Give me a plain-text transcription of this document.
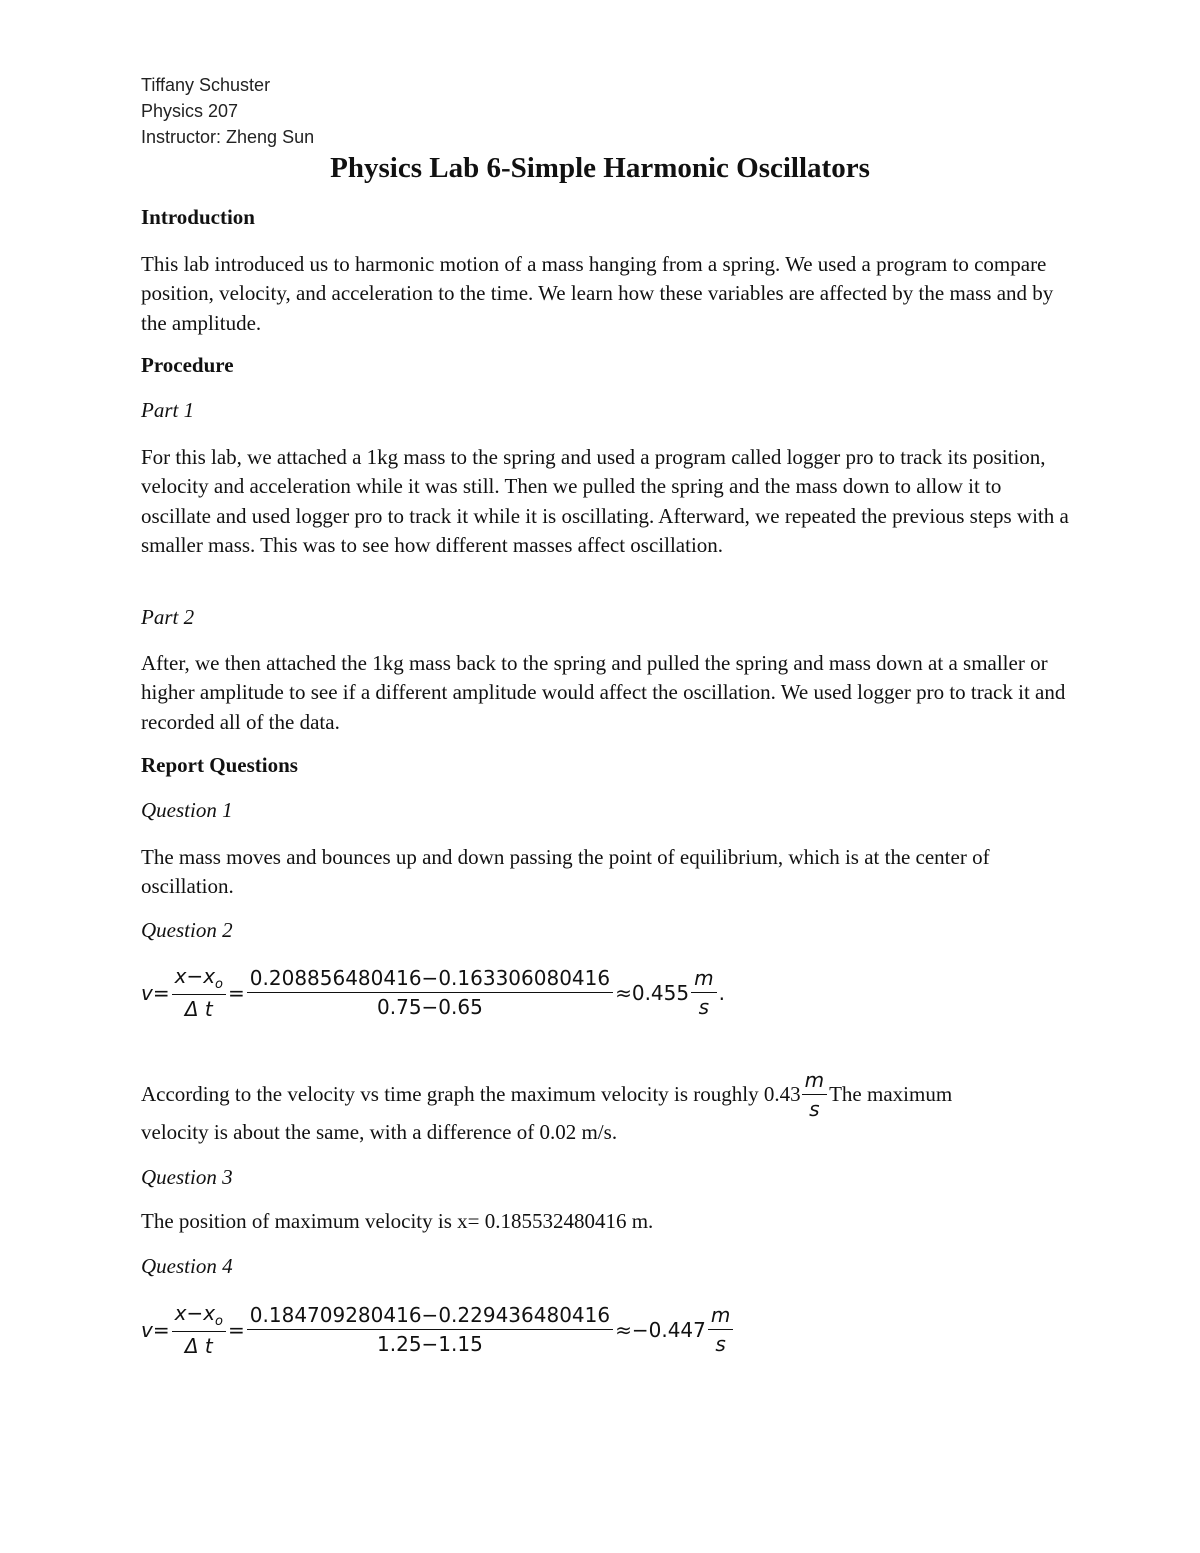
Tiffany Schuster
Physics 207
Instructor: Zheng Sun
Physics Lab 6-Simple Harmonic Oscillators
Introduction
This lab introduced us to harmonic motion of a mass hanging from a spring. We used a program to compare position, velocity, and acceleration to the time. We learn how these variables are affected by the mass and by the amplitude.
Procedure
Part 1
For this lab, we attached a 1kg mass to the spring and used a program called logger pro to track its position, velocity and acceleration while it was still. Then we pulled the spring and the mass down to allow it to oscillate and used logger pro to track it while it is oscillating. Afterward, we repeated the previous steps with a smaller mass. This was to see how different masses affect oscillation.
Part 2
After, we then attached the 1kg mass back to the spring and pulled the spring and mass down at a smaller or higher amplitude to see if a different amplitude would affect the oscillation. We used logger pro to track it and recorded all of the data.
Report Questions
Question 1
The mass moves and bounces up and down passing the point of equilibrium, which is at the center of oscillation.
Question 2
$v= \frac{x-x_o}{\text{Δ t}} = \frac{0.208856480416-0.163306080416}{0.75-0.65} \approx 0.455 \frac{m}{s}$ .
According to the velocity vs time graph the maximum velocity is roughly $0.43 \frac{m}{s}$ The maximum
velocity is about the same, with a difference of 0.02 m/s.
Question 3
The position of maximum velocity is x= 0.185532480416 m.
Question 4
$v= \frac{x-x_o}{\text{Δ t}} = \frac{0.184709280416-0.229436480416}{1.25-1.15} \approx-0.447 \frac{m}{s}$
